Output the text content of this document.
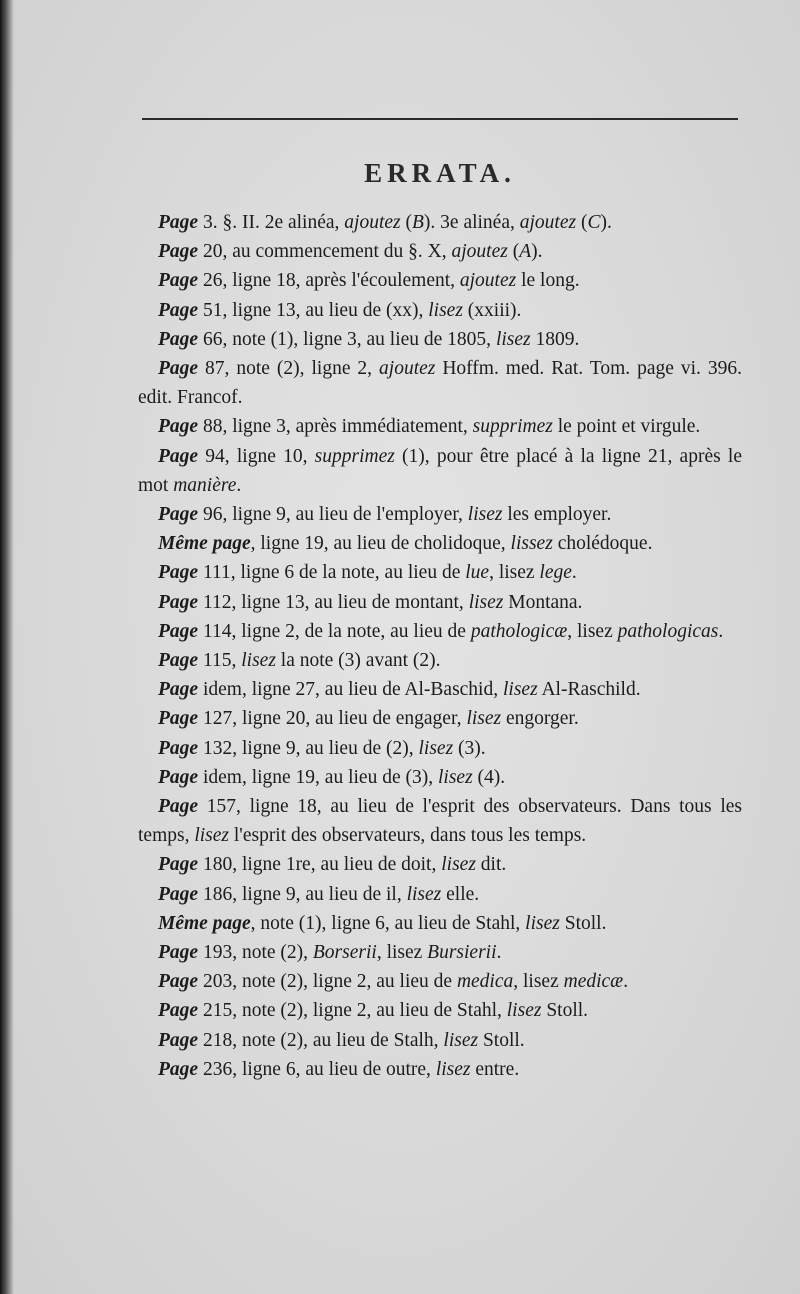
ERRATA.

Page 3. §. II. 2e alinéa, ajoutez (B). 3e alinéa, ajoutez (C).

Page 20, au commencement du §. X, ajoutez (A).

Page 26, ligne 18, après l'écoulement, ajoutez le long.

Page 51, ligne 13, au lieu de (xx), lisez (xxiii).

Page 66, note (1), ligne 3, au lieu de 1805, lisez 1809.

Page 87, note (2), ligne 2, ajoutez Hoffm. med. Rat. Tom. page vi. 396. edit. Francof.

Page 88, ligne 3, après immédiatement, supprimez le point et virgule.

Page 94, ligne 10, supprimez (1), pour être placé à la ligne 21, après le mot manière.

Page 96, ligne 9, au lieu de l'employer, lisez les employer.

Même page, ligne 19, au lieu de cholidoque, lissez cholédoque.

Page 111, ligne 6 de la note, au lieu de lue, lisez lege.

Page 112, ligne 13, au lieu de montant, lisez Montana.

Page 114, ligne 2, de la note, au lieu de pathologicæ, lisez pathologicas.

Page 115, lisez la note (3) avant (2).

Page idem, ligne 27, au lieu de Al-Baschid, lisez Al-Raschild.

Page 127, ligne 20, au lieu de engager, lisez engorger.

Page 132, ligne 9, au lieu de (2), lisez (3).

Page idem, ligne 19, au lieu de (3), lisez (4).

Page 157, ligne 18, au lieu de l'esprit des observateurs. Dans tous les temps, lisez l'esprit des observateurs, dans tous les temps.

Page 180, ligne 1re, au lieu de doit, lisez dit.

Page 186, ligne 9, au lieu de il, lisez elle.

Même page, note (1), ligne 6, au lieu de Stahl, lisez Stoll.

Page 193, note (2), Borserii, lisez Bursierii.

Page 203, note (2), ligne 2, au lieu de medica, lisez medicæ.

Page 215, note (2), ligne 2, au lieu de Stahl, lisez Stoll.

Page 218, note (2), au lieu de Stalh, lisez Stoll.

Page 236, ligne 6, au lieu de outre, lisez entre.
